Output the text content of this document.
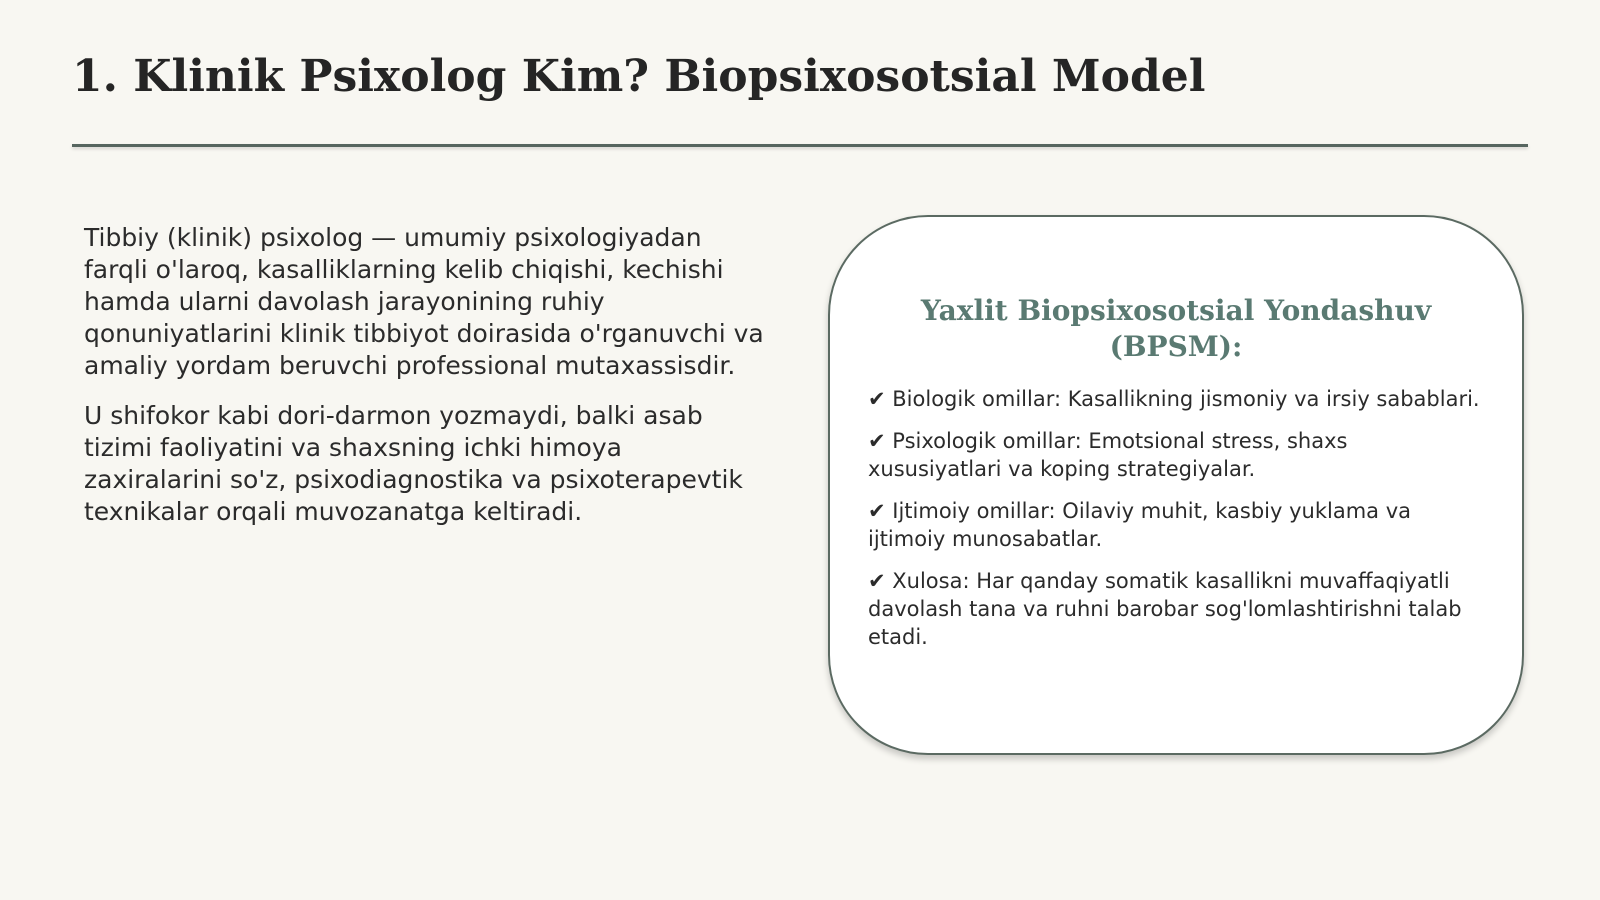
1. Klinik Psixolog Kim? Biopsixosotsial Model

Tibbiy (klinik) psixolog — umumiy psixologiyadan farqli o'laroq, kasalliklarning kelib chiqishi, kechishi hamda ularni davolash jarayonining ruhiy qonuniyatlarini klinik tibbiyot doirasida o'rganuvchi va amaliy yordam beruvchi professional mutaxassisdir.

U shifokor kabi dori-darmon yozmaydi, balki asab tizimi faoliyatini va shaxsning ichki himoya zaxiralarini so'z, psixodiagnostika va psixoterapevtik texnikalar orqali muvozanatga keltiradi.

Yaxlit Biopsixosotsial Yondashuv (BPSM):
✔ Biologik omillar: Kasallikning jismoniy va irsiy sabablari.
✔ Psixologik omillar: Emotsional stress, shaxs xususiyatlari va koping strategiyalar.
✔ Ijtimoiy omillar: Oilaviy muhit, kasbiy yuklama va ijtimoiy munosabatlar.
✔ Xulosa: Har qanday somatik kasallikni muvaffaqiyatli davolash tana va ruhni barobar sog'lomlashtirishni talab etadi.
